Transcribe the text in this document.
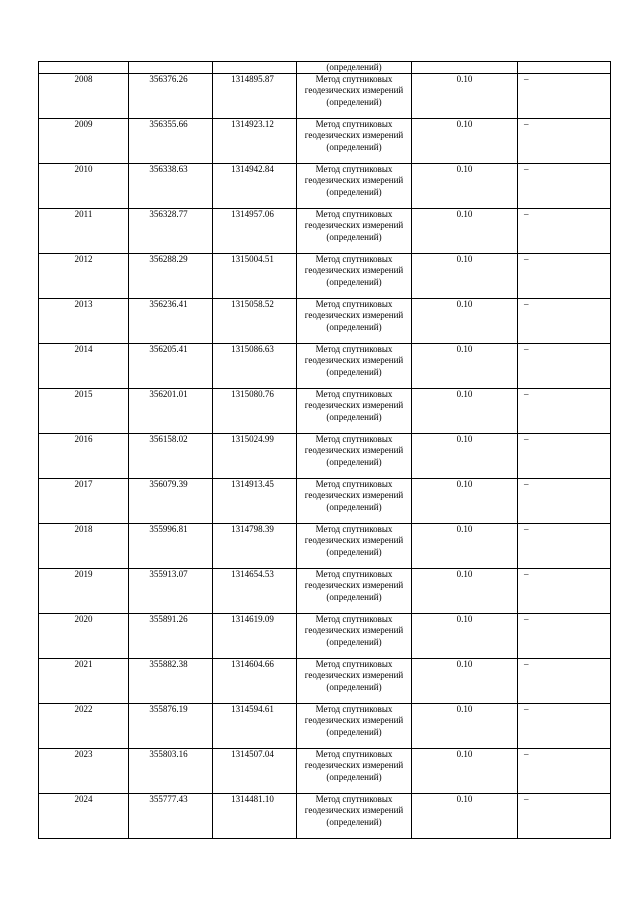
			(определений)		
2008	356376.26	1314895.87	Метод спутниковых геодезических измерений (определений)	0.10	–
2009	356355.66	1314923.12	Метод спутниковых геодезических измерений (определений)	0.10	–
2010	356338.63	1314942.84	Метод спутниковых геодезических измерений (определений)	0.10	–
2011	356328.77	1314957.06	Метод спутниковых геодезических измерений (определений)	0.10	–
2012	356288.29	1315004.51	Метод спутниковых геодезических измерений (определений)	0.10	–
2013	356236.41	1315058.52	Метод спутниковых геодезических измерений (определений)	0.10	–
2014	356205.41	1315086.63	Метод спутниковых геодезических измерений (определений)	0.10	–
2015	356201.01	1315080.76	Метод спутниковых геодезических измерений (определений)	0.10	–
2016	356158.02	1315024.99	Метод спутниковых геодезических измерений (определений)	0.10	–
2017	356079.39	1314913.45	Метод спутниковых геодезических измерений (определений)	0.10	–
2018	355996.81	1314798.39	Метод спутниковых геодезических измерений (определений)	0.10	–
2019	355913.07	1314654.53	Метод спутниковых геодезических измерений (определений)	0.10	–
2020	355891.26	1314619.09	Метод спутниковых геодезических измерений (определений)	0.10	–
2021	355882.38	1314604.66	Метод спутниковых геодезических измерений (определений)	0.10	–
2022	355876.19	1314594.61	Метод спутниковых геодезических измерений (определений)	0.10	–
2023	355803.16	1314507.04	Метод спутниковых геодезических измерений (определений)	0.10	–
2024	355777.43	1314481.10	Метод спутниковых геодезических измерений (определений)	0.10	–
